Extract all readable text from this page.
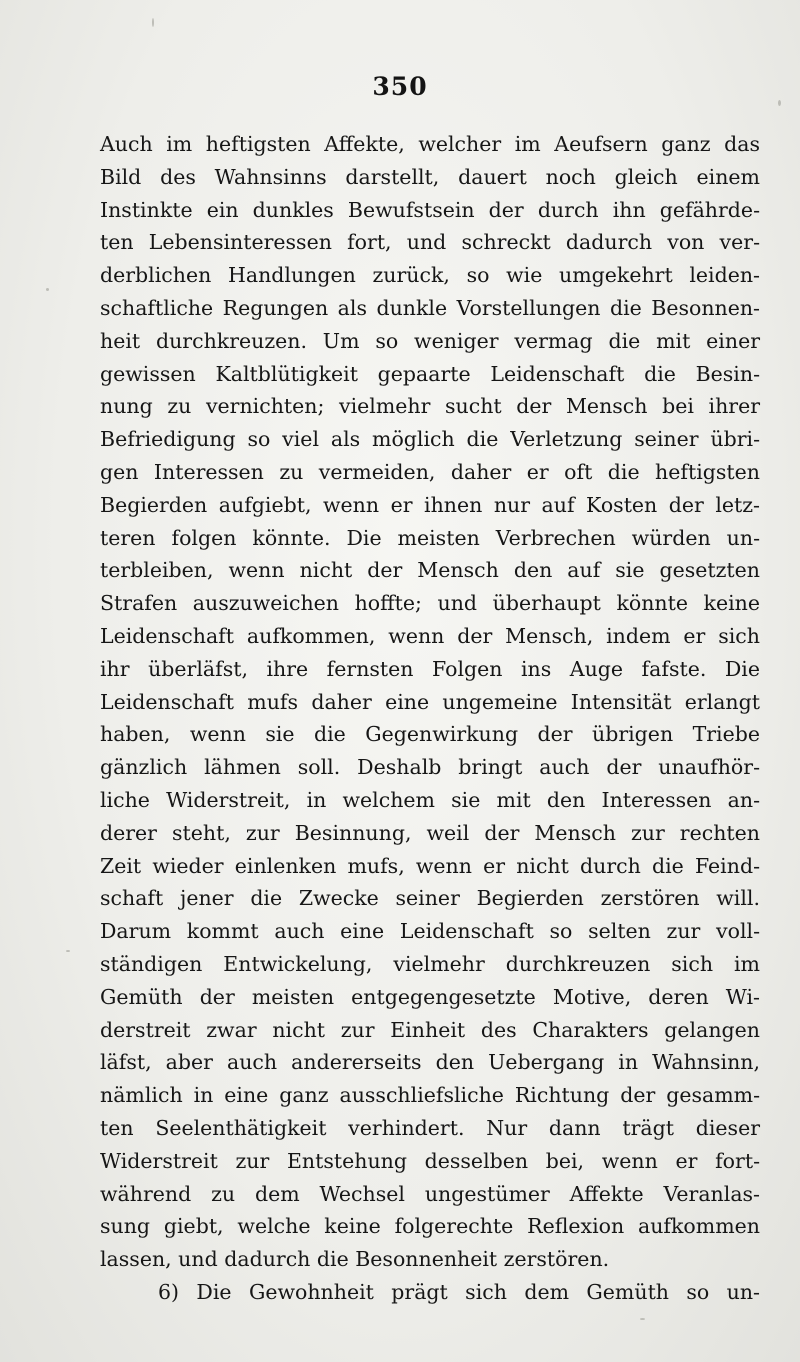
350
Auch im heftigsten Affekte, welcher im Aeufsern ganz das
Bild des Wahnsinns darstellt, dauert noch gleich einem
Instinkte ein dunkles Bewufstsein der durch ihn gefährde-
ten Lebensinteressen fort, und schreckt dadurch von ver-
derblichen Handlungen zurück, so wie umgekehrt leiden-
schaftliche Regungen als dunkle Vorstellungen die Besonnen-
heit durchkreuzen. Um so weniger vermag die mit einer
gewissen Kaltblütigkeit gepaarte Leidenschaft die Besin-
nung zu vernichten; vielmehr sucht der Mensch bei ihrer
Befriedigung so viel als möglich die Verletzung seiner übri-
gen Interessen zu vermeiden, daher er oft die heftigsten
Begierden aufgiebt, wenn er ihnen nur auf Kosten der letz-
teren folgen könnte. Die meisten Verbrechen würden un-
terbleiben, wenn nicht der Mensch den auf sie gesetzten
Strafen auszuweichen hoffte; und überhaupt könnte keine
Leidenschaft aufkommen, wenn der Mensch, indem er sich
ihr überläfst, ihre fernsten Folgen ins Auge fafste. Die
Leidenschaft mufs daher eine ungemeine Intensität erlangt
haben, wenn sie die Gegenwirkung der übrigen Triebe
gänzlich lähmen soll. Deshalb bringt auch der unaufhör-
liche Widerstreit, in welchem sie mit den Interessen an-
derer steht, zur Besinnung, weil der Mensch zur rechten
Zeit wieder einlenken mufs, wenn er nicht durch die Feind-
schaft jener die Zwecke seiner Begierden zerstören will.
Darum kommt auch eine Leidenschaft so selten zur voll-
ständigen Entwickelung, vielmehr durchkreuzen sich im
Gemüth der meisten entgegengesetzte Motive, deren Wi-
derstreit zwar nicht zur Einheit des Charakters gelangen
läfst, aber auch andererseits den Uebergang in Wahnsinn,
nämlich in eine ganz ausschliefsliche Richtung der gesamm-
ten Seelenthätigkeit verhindert. Nur dann trägt dieser
Widerstreit zur Entstehung desselben bei, wenn er fort-
während zu dem Wechsel ungestümer Affekte Veranlas-
sung giebt, welche keine folgerechte Reflexion aufkommen
lassen, und dadurch die Besonnenheit zerstören.
6) Die Gewohnheit prägt sich dem Gemüth so un-
